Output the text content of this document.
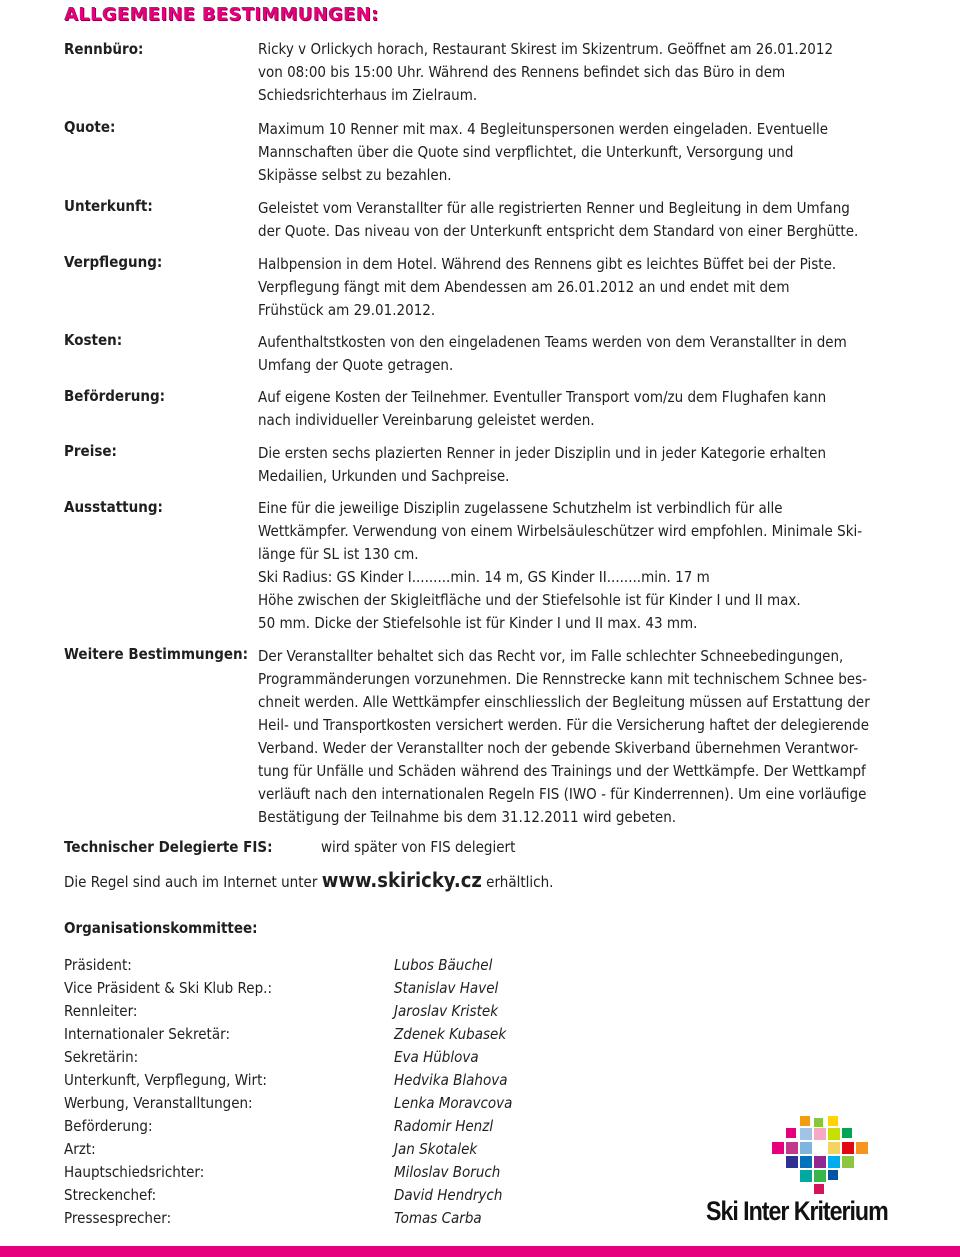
ALLGEMEINE BESTIMMUNGEN:
Rennbüro:	Ricky v Orlickych horach, Restaurant Skirest im Skizentrum. Geöffnet am 26.01.2012
von 08:00 bis 15:00 Uhr. Während des Rennens befindet sich das Büro in dem
Schiedsrichterhaus im Zielraum.
Quote:	Maximum 10 Renner mit max. 4 Begleitunspersonen werden eingeladen. Eventuelle
Mannschaften über die Quote sind verpflichtet, die Unterkunft, Versorgung und
Skipässe selbst zu bezahlen.
Unterkunft:	Geleistet vom Veranstallter für alle registrierten Renner und Begleitung in dem Umfang
der Quote. Das niveau von der Unterkunft entspricht dem Standard von einer Berghütte.
Verpflegung:	Halbpension in dem Hotel. Während des Rennens gibt es leichtes Büffet bei der Piste.
Verpflegung fängt mit dem Abendessen am 26.01.2012 an und endet mit dem
Frühstück am 29.01.2012.
Kosten:	Aufenthaltstkosten von den eingeladenen Teams werden von dem Veranstallter in dem
Umfang der Quote getragen.
Beförderung:	Auf eigene Kosten der Teilnehmer. Eventuller Transport vom/zu dem Flughafen kann
nach individueller Vereinbarung geleistet werden.
Preise:	Die ersten sechs plazierten Renner in jeder Disziplin und in jeder Kategorie erhalten
Medailien, Urkunden und Sachpreise.
Ausstattung:	Eine für die jeweilige Disziplin zugelassene Schutzhelm ist verbindlich für alle
Wettkämpfer. Verwendung von einem Wirbelsäuleschützer wird empfohlen. Minimale Ski-
länge für SL ist 130 cm.
Ski Radius: GS Kinder I.........min. 14 m, GS Kinder II........min. 17 m
Höhe zwischen der Skigleitfläche und der Stiefelsohle ist für Kinder I und II max.
50 mm. Dicke der Stiefelsohle ist für Kinder I und II max. 43 mm.
Weitere Bestimmungen: Der Veranstallter behaltet sich das Recht vor, im Falle schlechter Schneebedingungen,
Programmänderungen vorzunehmen. Die Rennstrecke kann mit technischem Schnee bes-
chneit werden. Alle Wettkämpfer einschliesslich der Begleitung müssen auf Erstattung der
Heil- und Transportkosten versichert werden. Für die Versicherung haftet der delegierende
Verband. Weder der Veranstallter noch der gebende Skiverband übernehmen Verantwor-
tung für Unfälle und Schäden während des Trainings und der Wettkämpfe. Der Wettkampf
verläuft nach den internationalen Regeln FIS (IWO - für Kinderrennen). Um eine vorläufige
Bestätigung der Teilnahme bis dem 31.12.2011 wird gebeten.
Technischer Delegierte FIS:	wird später von FIS delegiert
Die Regel sind auch im Internet unter www.skiricky.cz erhältlich.
Organisationskommittee:
Präsident:	Lubos Bäuchel
Vice Präsident & Ski Klub Rep.:	Stanislav Havel
Rennleiter:	Jaroslav Kristek
Internationaler Sekretär:	Zdenek Kubasek
Sekretärin:	Eva Hüblova
Unterkunft, Verpflegung, Wirt:	Hedvika Blahova
Werbung, Veranstalltungen:	Lenka Moravcova
Beförderung:	Radomir Henzl
Arzt:	Jan Skotalek
Hauptschiedsrichter:	Miloslav Boruch
Streckenchef:	David Hendrych
Pressesprecher:	Tomas Carba	Ski Inter Kriterium
